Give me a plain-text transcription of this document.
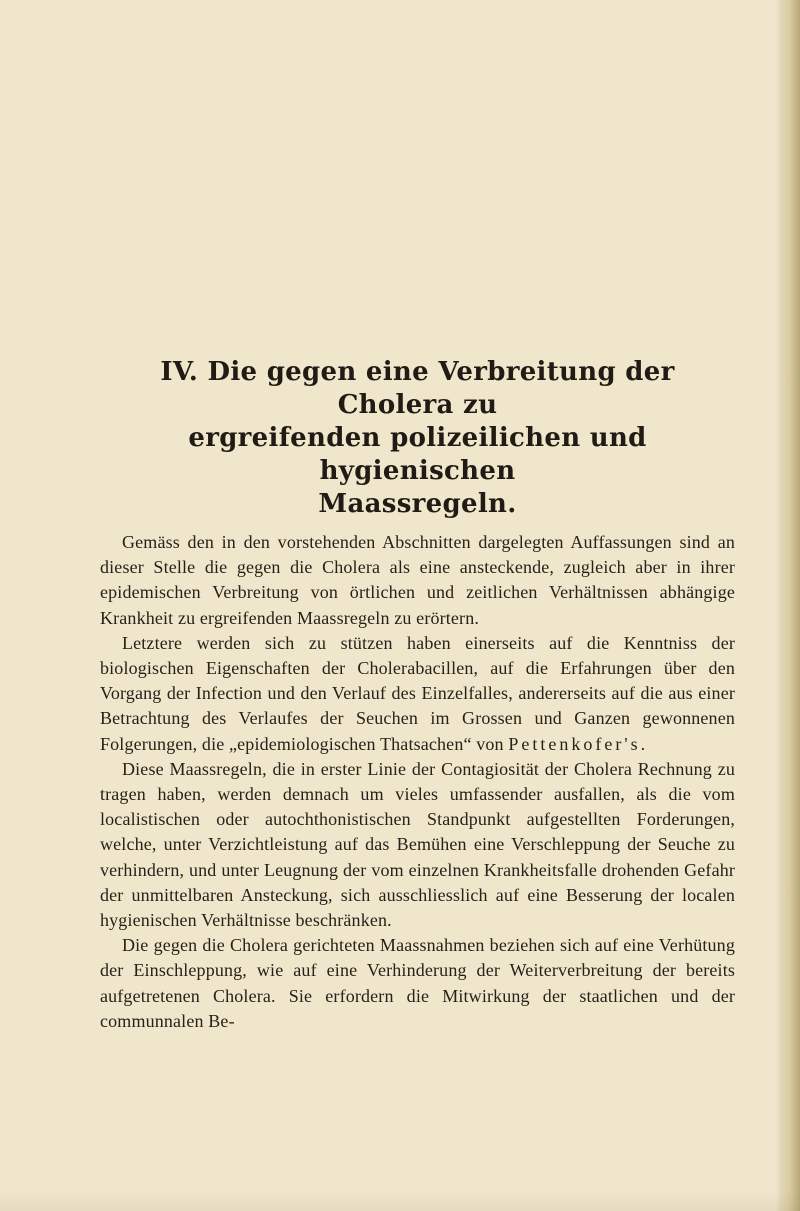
IV. Die gegen eine Verbreitung der Cholera zu
ergreifenden polizeilichen und hygienischen
Maassregeln.

Gemäss den in den vorstehenden Abschnitten dargelegten Auffassungen sind an dieser Stelle die gegen die Cholera als eine ansteckende, zugleich aber in ihrer epidemischen Verbreitung von örtlichen und zeitlichen Verhältnissen abhängige Krankheit zu ergreifenden Maassregeln zu erörtern.

Letztere werden sich zu stützen haben einerseits auf die Kenntniss der biologischen Eigenschaften der Cholerabacillen, auf die Erfahrungen über den Vorgang der Infection und den Verlauf des Einzelfalles, andererseits auf die aus einer Betrachtung des Verlaufes der Seuchen im Grossen und Ganzen gewonnenen Folgerungen, die „epidemiologischen Thatsachen“ von Pettenkofer's.

Diese Maassregeln, die in erster Linie der Contagiosität der Cholera Rechnung zu tragen haben, werden demnach um vieles umfassender ausfallen, als die vom localistischen oder autochthonistischen Standpunkt aufgestellten Forderungen, welche, unter Verzichtleistung auf das Bemühen eine Verschleppung der Seuche zu verhindern, und unter Leugnung der vom einzelnen Krankheitsfalle drohenden Gefahr der unmittelbaren Ansteckung, sich ausschliesslich auf eine Besserung der localen hygienischen Verhältnisse beschränken.

Die gegen die Cholera gerichteten Maassnahmen beziehen sich auf eine Verhütung der Einschleppung, wie auf eine Verhinderung der Weiterverbreitung der bereits aufgetretenen Cholera. Sie erfordern die Mitwirkung der staatlichen und der communnalen Be-
